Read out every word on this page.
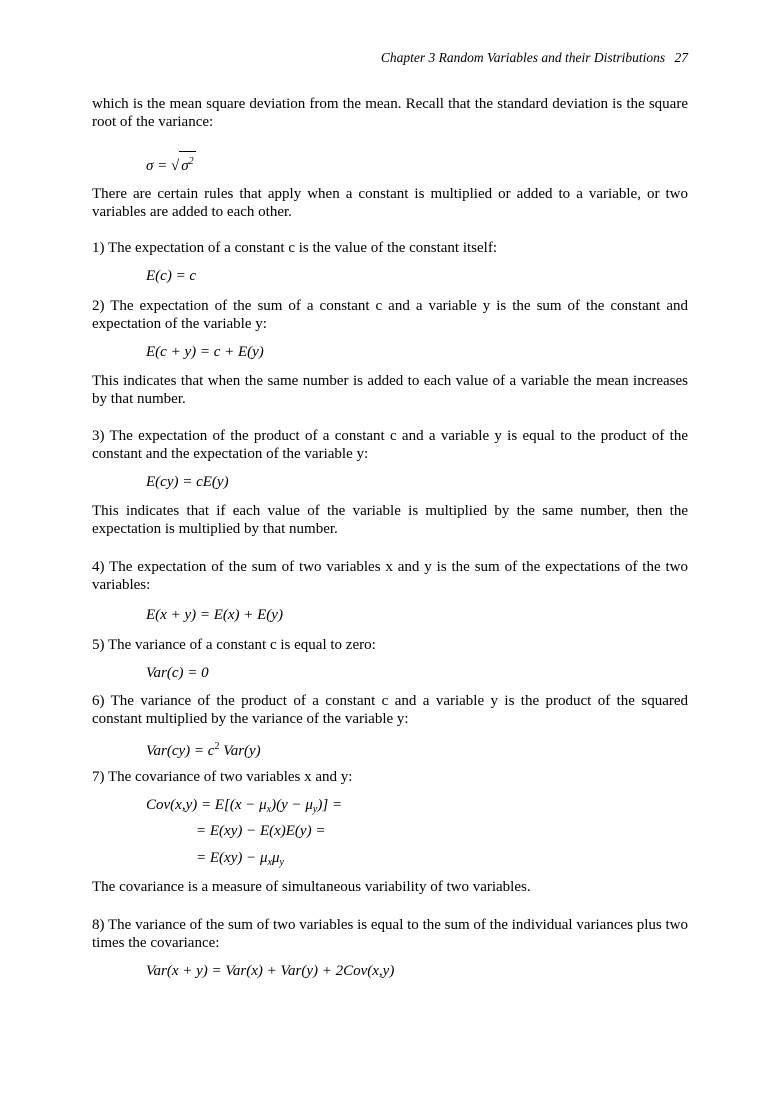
Chapter 3 Random Variables and their Distributions 27
which is the mean square deviation from the mean. Recall that the standard deviation is the square root of the variance:
σ = √ $\sigma^2$
There are certain rules that apply when a constant is multiplied or added to a variable, or two variables are added to each other.
1) The expectation of a constant c is the value of the constant itself:
E(c) = c
2) The expectation of the sum of a constant c and a variable y is the sum of the constant and expectation of the variable y:
E(c + y) = c + E(y)
This indicates that when the same number is added to each value of a variable the mean increases by that number.
3) The expectation of the product of a constant c and a variable y is equal to the product of the constant and the expectation of the variable y:
E(cy) = cE(y)
This indicates that if each value of the variable is multiplied by the same number, then the expectation is multiplied by that number.
4) The expectation of the sum of two variables x and y is the sum of the expectations of the two variables:
E(x + y) = E(x) + E(y)
5) The variance of a constant c is equal to zero:
Var(c) = 0
6) The variance of the product of a constant c and a variable y is the product of the squared constant multiplied by the variance of the variable y:
$Var(cy) = c^2$ Var(y)
7) The covariance of two variables x and y:
$Cov(x,y) = E[(x - \mu_x)(y - \mu_y)]$ =
= E(xy) − E(x)E(y) =
= $E(xy) - \mu_x\mu_y$
The covariance is a measure of simultaneous variability of two variables.
8) The variance of the sum of two variables is equal to the sum of the individual variances plus two times the covariance:
Var(x + y) = Var(x) + Var(y) + 2Cov(x,y)
